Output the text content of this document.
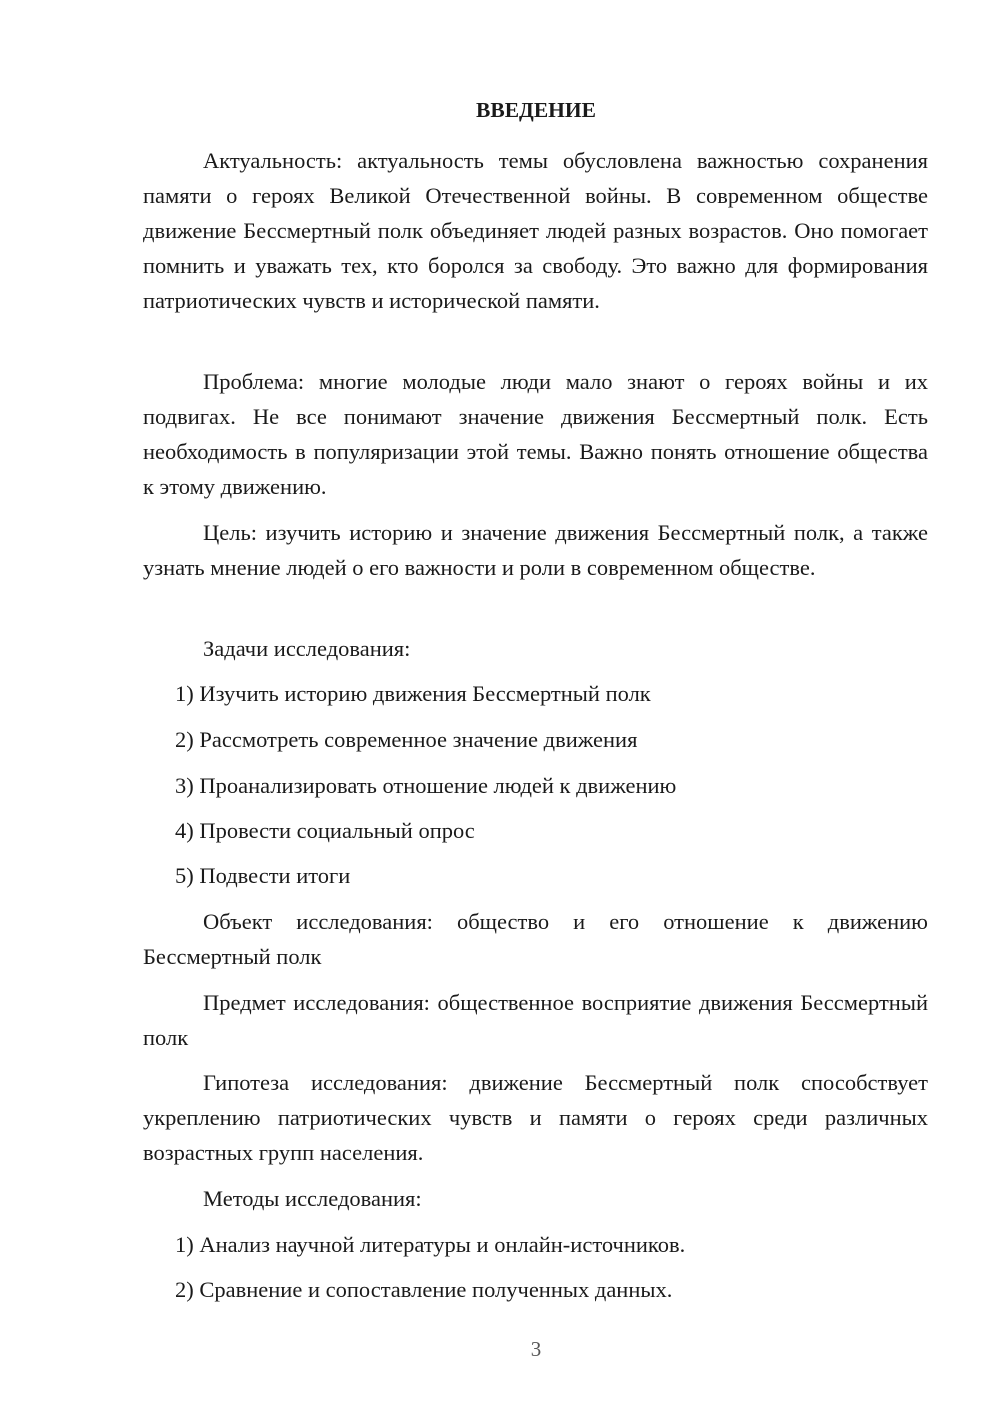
ВВЕДЕНИЕ

Актуальность: актуальность темы обусловлена важностью сохранения памяти о героях Великой Отечественной войны. В современном обществе движение Бессмертный полк объединяет людей разных возрастов. Оно помогает помнить и уважать тех, кто боролся за свободу. Это важно для формирования патриотических чувств и исторической памяти.

Проблема: многие молодые люди мало знают о героях войны и их подвигах. Не все понимают значение движения Бессмертный полк. Есть необходимость в популяризации этой темы. Важно понять отношение общества к этому движению.

Цель: изучить историю и значение движения Бессмертный полк, а также узнать мнение людей о его важности и роли в современном обществе.

Задачи исследования:

1) Изучить историю движения Бессмертный полк
2) Рассмотреть современное значение движения
3) Проанализировать отношение людей к движению
4) Провести социальный опрос
5) Подвести итоги

Объект исследования: общество и его отношение к движению Бессмертный полк

Предмет исследования: общественное восприятие движения Бессмертный полк

Гипотеза исследования: движение Бессмертный полк способствует укреплению патриотических чувств и памяти о героях среди различных возрастных групп населения.

Методы исследования:

1) Анализ научной литературы и онлайн-источников.
2) Сравнение и сопоставление полученных данных.
3
